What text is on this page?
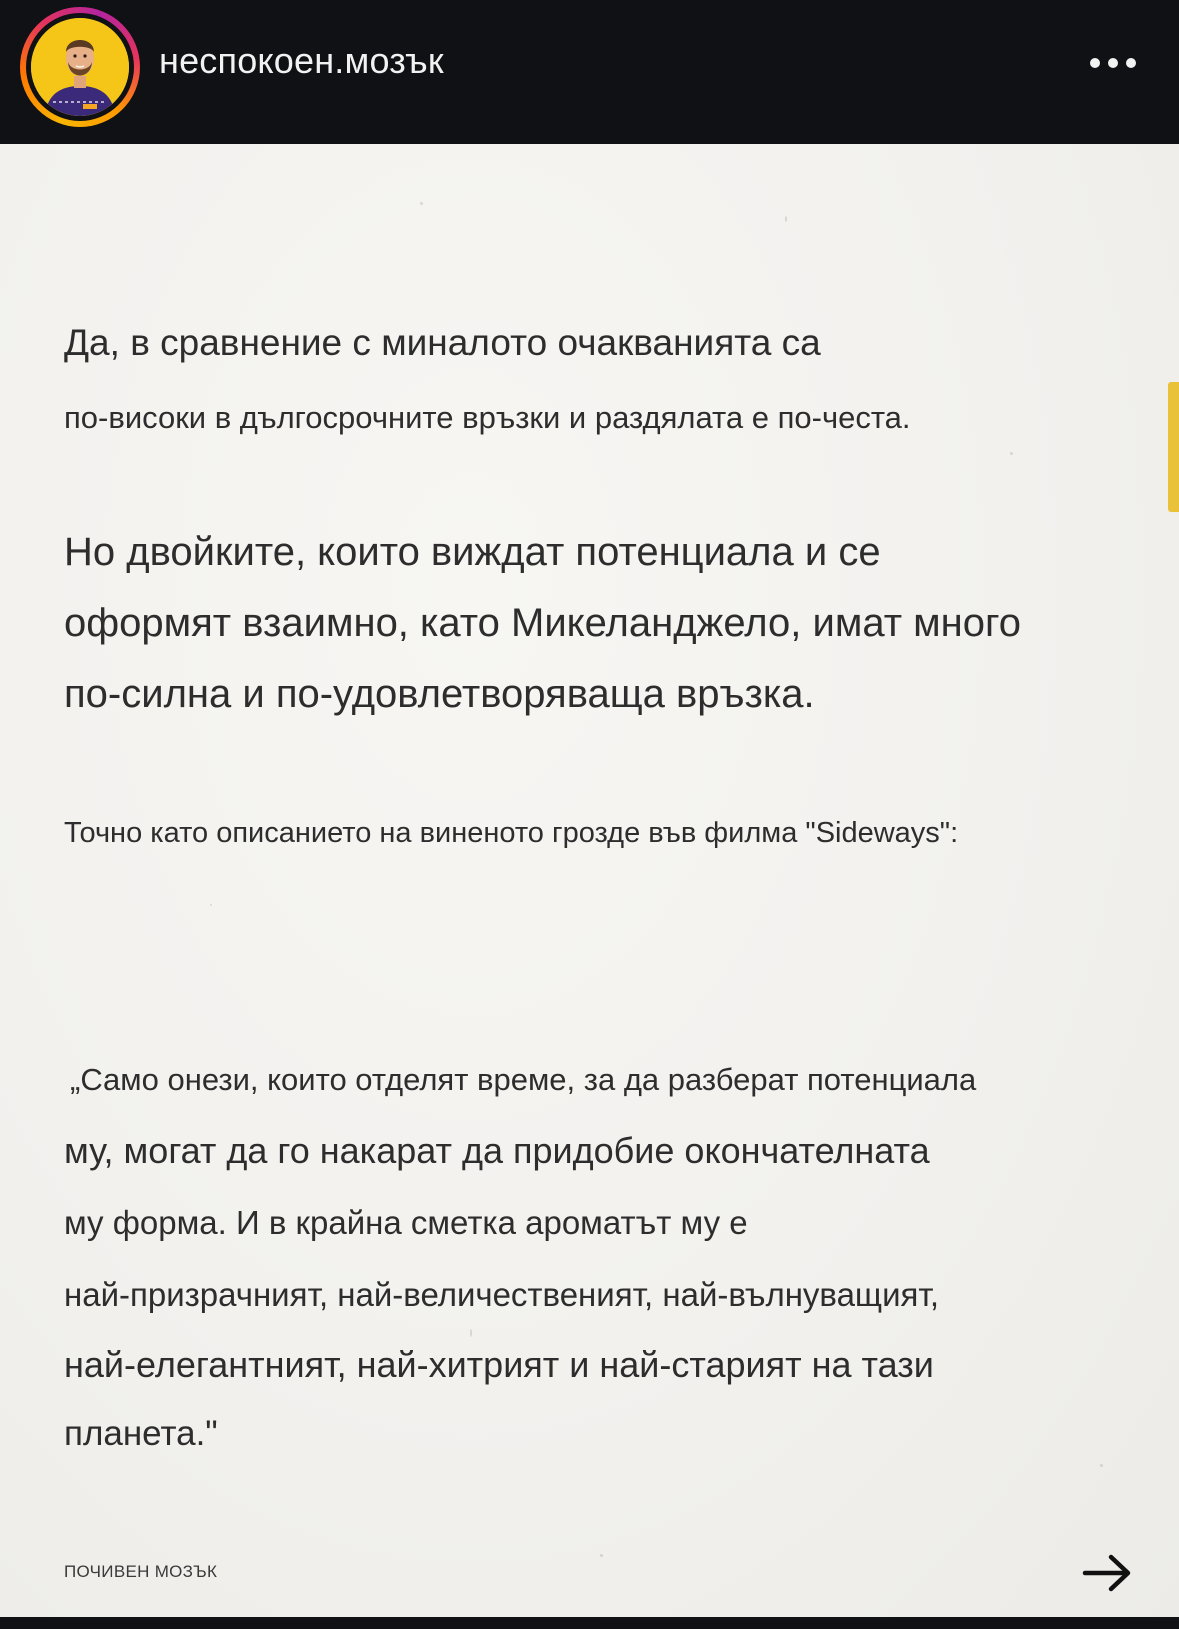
неспокоен.мозък
Да, в сравнение с миналото очакванията са
по-високи в дългосрочните връзки и раздялата е по-честа.
Но двойките, които виждат потенциала и се
оформят взаимно, като Микеланджело, имат много
по-силна и по-удовлетворяваща връзка.
Точно като описанието на виненото грозде във филма "Sideways":
„Само онези, които отделят време, за да разберат потенциала
му, могат да го накарат да придобие окончателната
му форма. И в крайна сметка ароматът му е
най-призрачният, най-величественият, най-вълнуващият,
най-елегантният, най-хитрият и най-старият на тази
планета."
ПОЧИВЕН МОЗЪК
